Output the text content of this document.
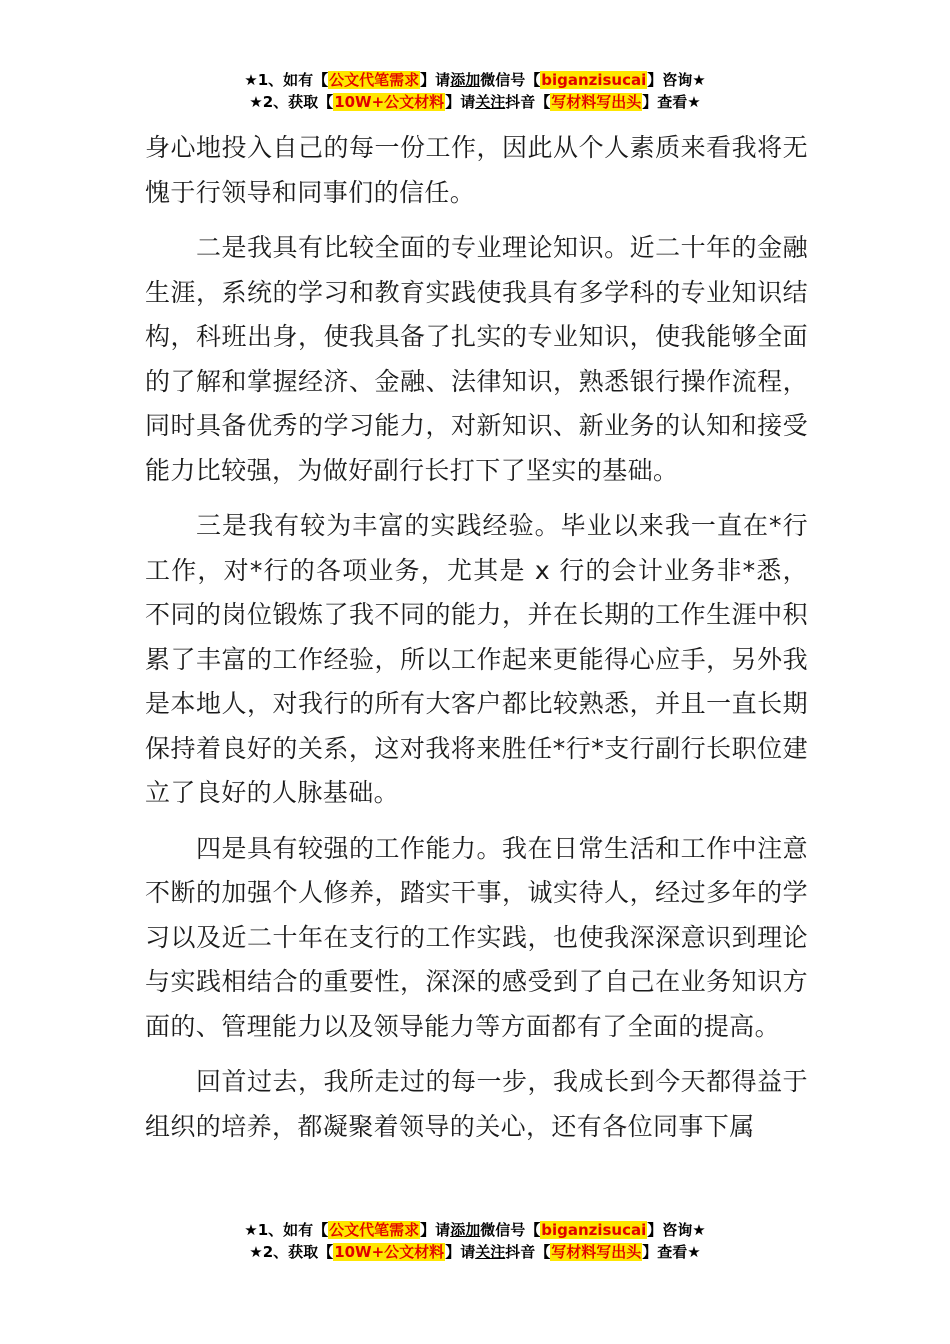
★1、如有【公文代笔需求】请添加微信号【biganzisucai】咨询★
★2、获取【10W+公文材料】请关注抖音【写材料写出头】查看★

身心地投入自己的每一份工作，因此从个人素质来看我将无愧于行领导和同事们的信任。

二是我具有比较全面的专业理论知识。近二十年的金融生涯，系统的学习和教育实践使我具有多学科的专业知识结构，科班出身，使我具备了扎实的专业知识，使我能够全面的了解和掌握经济、金融、法律知识，熟悉银行操作流程，同时具备优秀的学习能力，对新知识、新业务的认知和接受能力比较强，为做好副行长打下了坚实的基础。

三是我有较为丰富的实践经验。毕业以来我一直在*行工作，对*行的各项业务，尤其是 x 行的会计业务非*悉，不同的岗位锻炼了我不同的能力，并在长期的工作生涯中积累了丰富的工作经验，所以工作起来更能得心应手，另外我是本地人，对我行的所有大客户都比较熟悉，并且一直长期保持着良好的关系，这对我将来胜任*行*支行副行长职位建立了良好的人脉基础。

四是具有较强的工作能力。我在日常生活和工作中注意不断的加强个人修养，踏实干事，诚实待人，经过多年的学习以及近二十年在支行的工作实践，也使我深深意识到理论与实践相结合的重要性，深深的感受到了自己在业务知识方面的、管理能力以及领导能力等方面都有了全面的提高。

回首过去，我所走过的每一步，我成长到今天都得益于组织的培养，都凝聚着领导的关心，还有各位同事下属

★1、如有【公文代笔需求】请添加微信号【biganzisucai】咨询★
★2、获取【10W+公文材料】请关注抖音【写材料写出头】查看★
